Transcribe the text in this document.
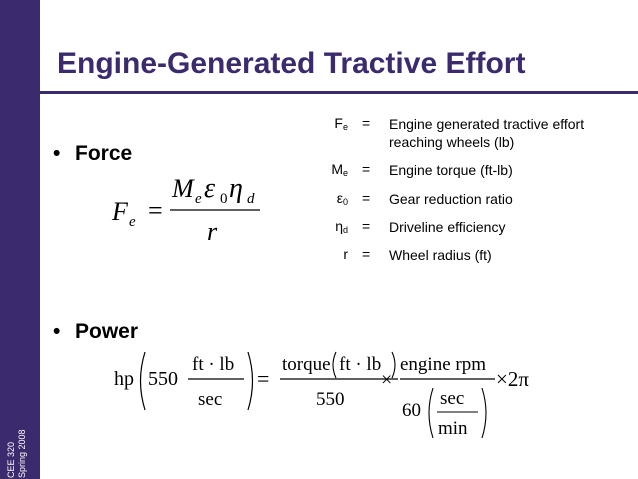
CEE 320 Spring 2008
Engine-Generated Tractive Effort
• Force
• Power
$F_e$ = Engine generated tractive effort
reaching wheels (lb)
$M_e$ = Engine torque (ft-lb)
$\varepsilon_0$ = Gear reduction ratio
$\eta_d$ = Driveline efficiency
r = Wheel radius (ft)
F e =
M e ε 0 η d
r
hp 550
ft · lb
sec
=
torque ft · lb
550
×
engine rpm
60
sec
min
×2π
